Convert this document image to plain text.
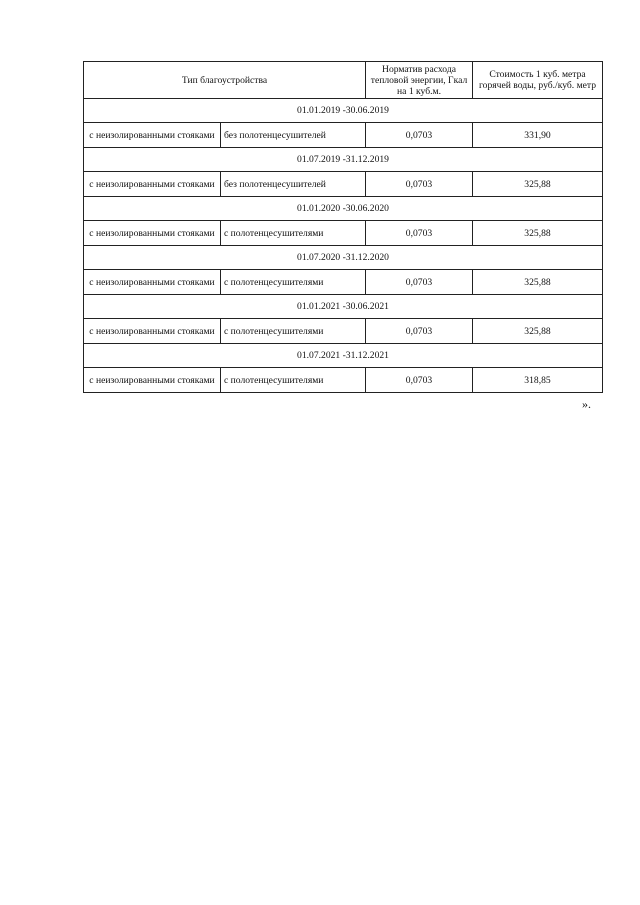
Тип благоустройства		Норматив расхода тепловой энергии, Гкал на 1 куб.м.	Стоимость 1 куб. метра горячей воды, руб./куб. метр
01.01.2019 -30.06.2019			
с неизолированными стояками	без полотенцесушителей	0,0703	331,90
01.07.2019 -31.12.2019			
с неизолированными стояками	без полотенцесушителей	0,0703	325,88
01.01.2020 -30.06.2020			
с неизолированными стояками	с полотенцесушителями	0,0703	325,88
01.07.2020 -31.12.2020			
с неизолированными стояками	с полотенцесушителями	0,0703	325,88
01.01.2021 -30.06.2021			
с неизолированными стояками	с полотенцесушителями	0,0703	325,88
01.07.2021 -31.12.2021			
с неизолированными стояками	с полотенцесушителями	0,0703	318,85
».
